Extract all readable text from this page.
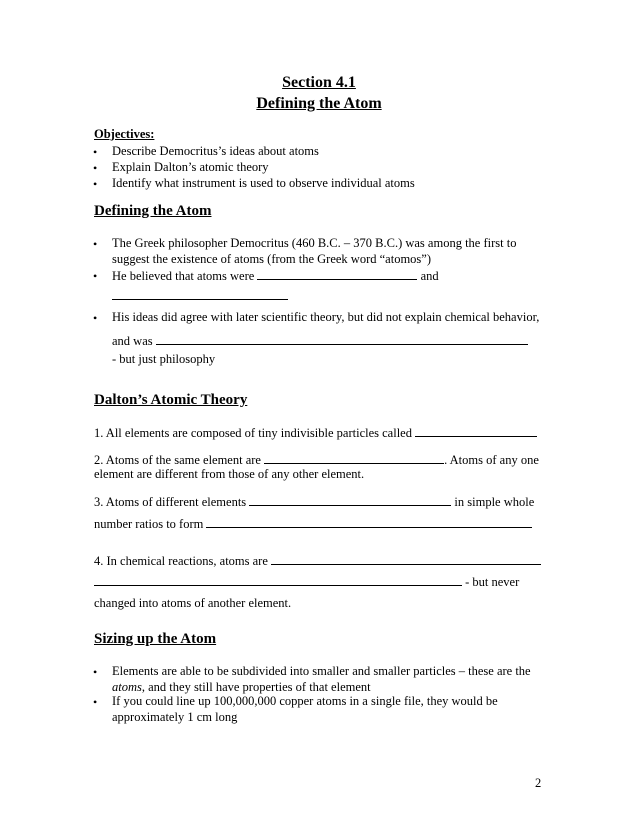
Section 4.1
Defining the Atom
Objectives:
• Describe Democritus’s ideas about atoms
• Explain Dalton’s atomic theory
• Identify what instrument is used to observe individual atoms
Defining the Atom
• The Greek philosopher Democritus (460 B.C. – 370 B.C.) was among the first to
suggest the existence of atoms (from the Greek word “atomos”)
• He believed that atoms were	and
• His ideas did agree with later scientific theory, but did not explain chemical behavior,
and was
- but just philosophy
Dalton’s Atomic Theory
1. All elements are composed of tiny indivisible particles called
2. Atoms of the same element are	. Atoms of any one
element are different from those of any other element.
3. Atoms of different elements	in simple whole
number ratios to form
4. In chemical reactions, atoms are
- but never
changed into atoms of another element.
Sizing up the Atom
• Elements are able to be subdivided into smaller and smaller particles – these are the
atoms, and they still have properties of that element
• If you could line up 100,000,000 copper atoms in a single file, they would be
approximately 1 cm long
2
